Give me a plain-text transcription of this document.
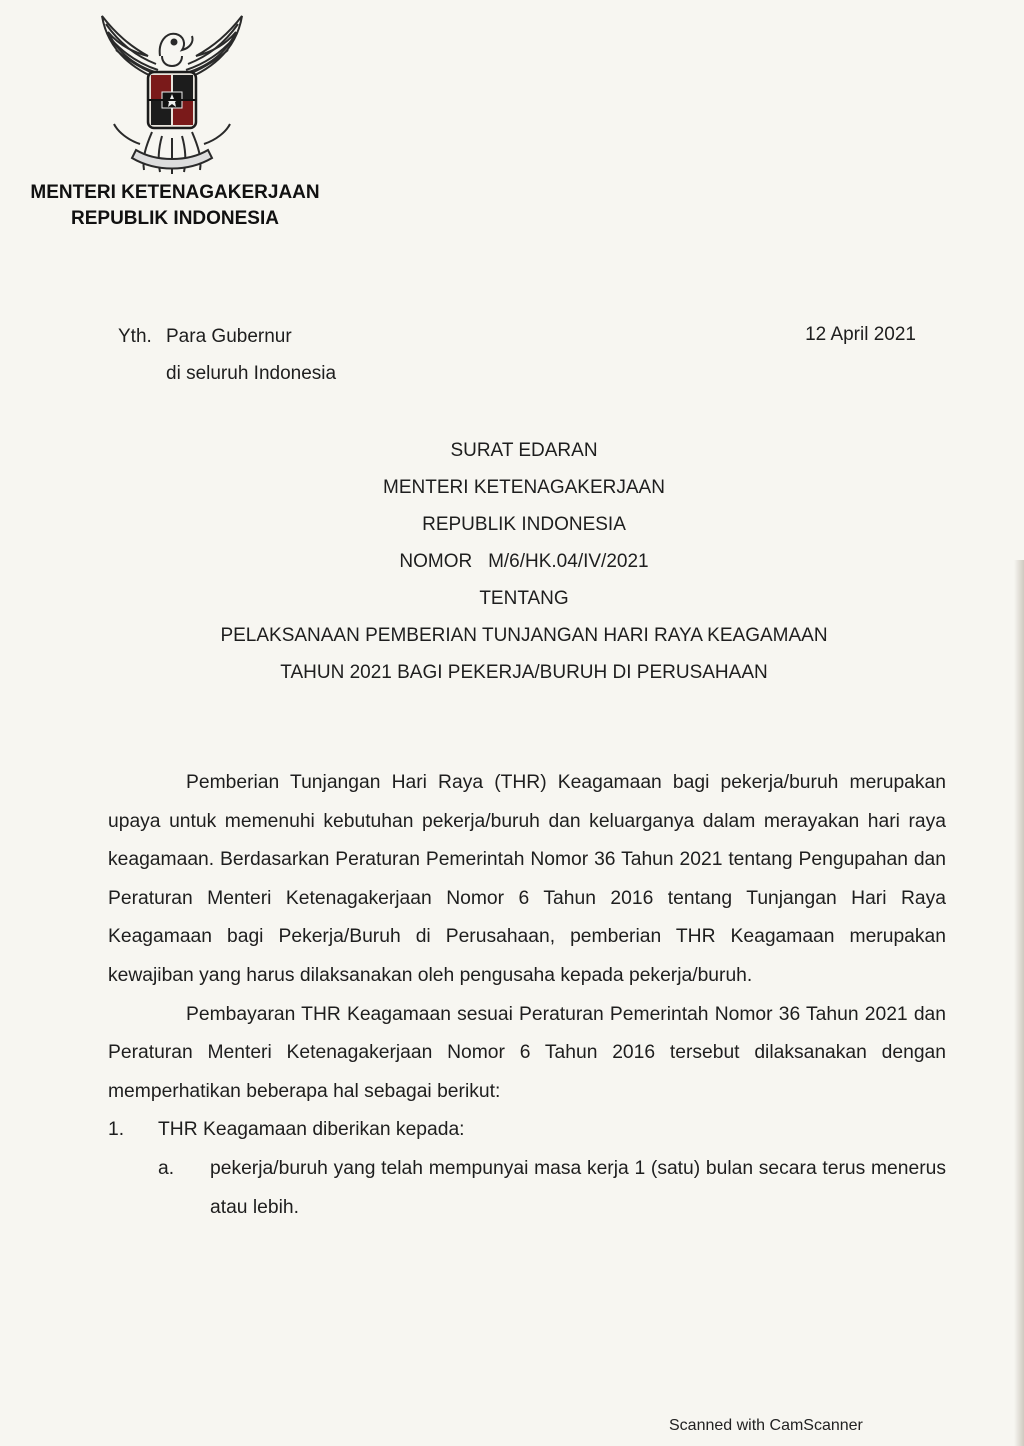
MENTERI KETENAGAKERJAAN
REPUBLIK INDONESIA
Yth. Para Gubernur
di seluruh Indonesia
12 April 2021
SURAT EDARAN
MENTERI KETENAGAKERJAAN
REPUBLIK INDONESIA
NOMOR M/6/HK.04/IV/2021
TENTANG
PELAKSANAAN PEMBERIAN TUNJANGAN HARI RAYA KEAGAMAAN
TAHUN 2021 BAGI PEKERJA/BURUH DI PERUSAHAAN

Pemberian Tunjangan Hari Raya (THR) Keagamaan bagi pekerja/buruh merupakan upaya untuk memenuhi kebutuhan pekerja/buruh dan keluarganya dalam merayakan hari raya keagamaan. Berdasarkan Peraturan Pemerintah Nomor 36 Tahun 2021 tentang Pengupahan dan Peraturan Menteri Ketenagakerjaan Nomor 6 Tahun 2016 tentang Tunjangan Hari Raya Keagamaan bagi Pekerja/Buruh di Perusahaan, pemberian THR Keagamaan merupakan kewajiban yang harus dilaksanakan oleh pengusaha kepada pekerja/buruh.

Pembayaran THR Keagamaan sesuai Peraturan Pemerintah Nomor 36 Tahun 2021 dan Peraturan Menteri Ketenagakerjaan Nomor 6 Tahun 2016 tersebut dilaksanakan dengan memperhatikan beberapa hal sebagai berikut:

1.	THR Keagamaan diberikan kepada:
a.	pekerja/buruh yang telah mempunyai masa kerja 1 (satu) bulan secara terus menerus atau lebih.
Scanned with CamScanner
